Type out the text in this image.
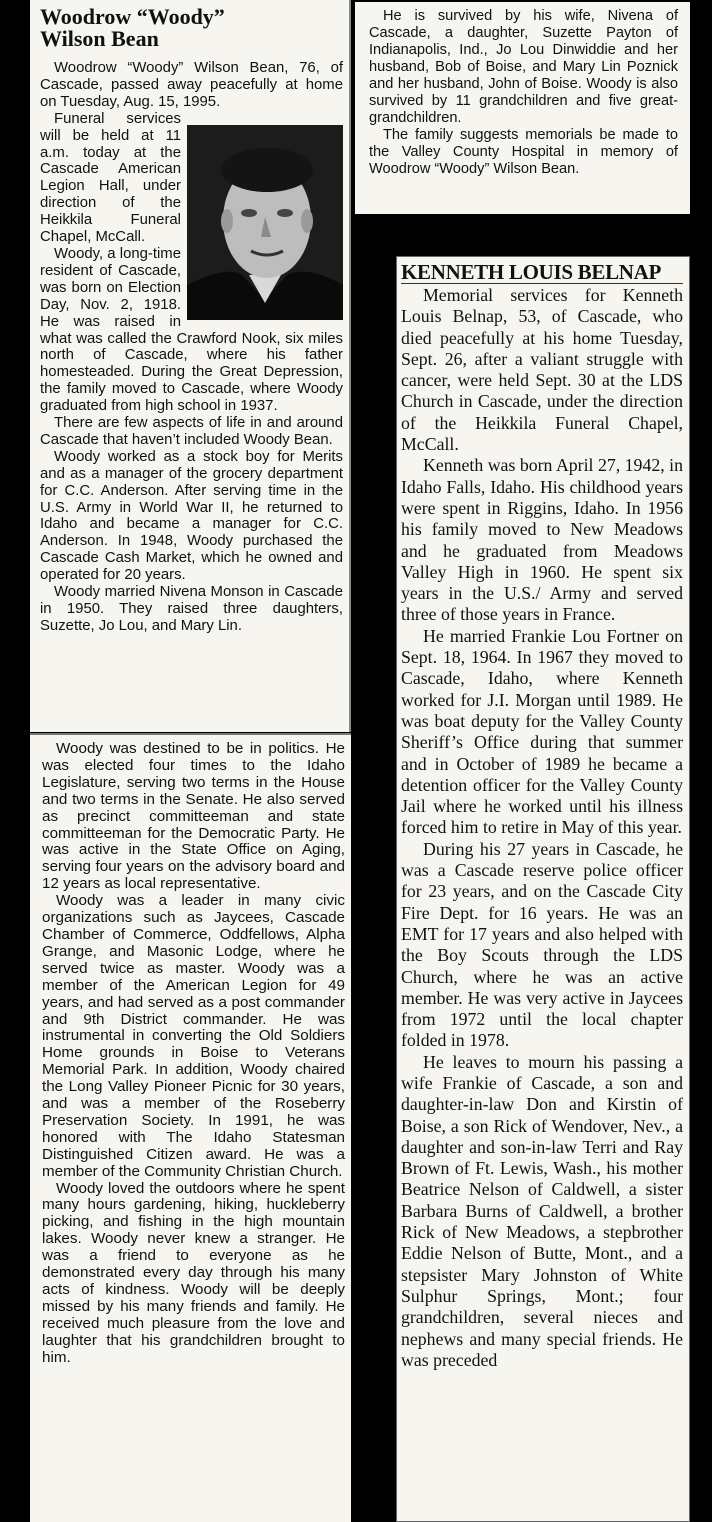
Woodrow “Woody”
Wilson Bean

Woodrow “Woody” Wilson Bean, 76, of Cascade, passed away peacefully at home on Tuesday, Aug. 15, 1995.

Funeral services will be held at 11 a.m. today at the Cascade American Legion Hall, under direction of the Heikkila Funeral Chapel, McCall.

Woody, a long-time resident of Cascade, was born on Election Day, Nov. 2, 1918. He was raised in what was called the Crawford Nook, six miles north of Cascade, where his father homesteaded. During the Great Depression, the family moved to Cascade, where Woody graduated from high school in 1937.

There are few aspects of life in and around Cascade that haven’t included Woody Bean.

Woody worked as a stock boy for Merits and as a manager of the grocery department for C.C. Anderson. After serving time in the U.S. Army in World War II, he returned to Idaho and became a manager for C.C. Anderson. In 1948, Woody purchased the Cascade Cash Market, which he owned and operated for 20 years.

Woody married Nivena Monson in Cascade in 1950. They raised three daughters, Suzette, Jo Lou, and Mary Lin.

Woody was destined to be in politics. He was elected four times to the Idaho Legislature, serving two terms in the House and two terms in the Senate. He also served as precinct committeeman and state committeeman for the Democratic Party. He was active in the State Office on Aging, serving four years on the advisory board and 12 years as local representative.

Woody was a leader in many civic organizations such as Jaycees, Cascade Chamber of Commerce, Oddfellows, Alpha Grange, and Masonic Lodge, where he served twice as master. Woody was a member of the American Legion for 49 years, and had served as a post commander and 9th District commander. He was instrumental in converting the Old Soldiers Home grounds in Boise to Veterans Memorial Park. In addition, Woody chaired the Long Valley Pioneer Picnic for 30 years, and was a member of the Roseberry Preservation Society. In 1991, he was honored with The Idaho Statesman Distinguished Citizen award. He was a member of the Community Christian Church.

Woody loved the outdoors where he spent many hours gardening, hiking, huckleberry picking, and fishing in the high mountain lakes. Woody never knew a stranger. He was a friend to everyone as he demonstrated every day through his many acts of kindness. Woody will be deeply missed by his many friends and family. He received much pleasure from the love and laughter that his grandchildren brought to him.

He is survived by his wife, Nivena of Cascade, a daughter, Suzette Payton of Indianapolis, Ind., Jo Lou Dinwiddie and her husband, Bob of Boise, and Mary Lin Poznick and her husband, John of Boise. Woody is also survived by 11 grandchildren and five great-grandchildren.

The family suggests memorials be made to the Valley County Hospital in memory of Woodrow “Woody” Wilson Bean.

KENNETH LOUIS BELNAP

Memorial services for Kenneth Louis Belnap, 53, of Cascade, who died peacefully at his home Tuesday, Sept. 26, after a valiant struggle with cancer, were held Sept. 30 at the LDS Church in Cascade, under the direction of the Heikkila Funeral Chapel, McCall.

Kenneth was born April 27, 1942, in Idaho Falls, Idaho. His childhood years were spent in Riggins, Idaho. In 1956 his family moved to New Meadows and he graduated from Meadows Valley High in 1960. He spent six years in the U.S./ Army and served three of those years in France.

He married Frankie Lou Fortner on Sept. 18, 1964. In 1967 they moved to Cascade, Idaho, where Kenneth worked for J.I. Morgan until 1989. He was boat deputy for the Valley County Sheriff’s Office during that summer and in October of 1989 he became a detention officer for the Valley County Jail where he worked until his illness forced him to retire in May of this year.

During his 27 years in Cascade, he was a Cascade reserve police officer for 23 years, and on the Cascade City Fire Dept. for 16 years. He was an EMT for 17 years and also helped with the Boy Scouts through the LDS Church, where he was an active member. He was very active in Jaycees from 1972 until the local chapter folded in 1978.

He leaves to mourn his passing a wife Frankie of Cascade, a son and daughter-in-law Don and Kirstin of Boise, a son Rick of Wendover, Nev., a daughter and son-in-law Terri and Ray Brown of Ft. Lewis, Wash., his mother Beatrice Nelson of Caldwell, a sister Barbara Burns of Caldwell, a brother Rick of New Meadows, a stepbrother Eddie Nelson of Butte, Mont., and a stepsister Mary Johnston of White Sulphur Springs, Mont.; four grandchildren, several nieces and nephews and many special friends. He was preceded
